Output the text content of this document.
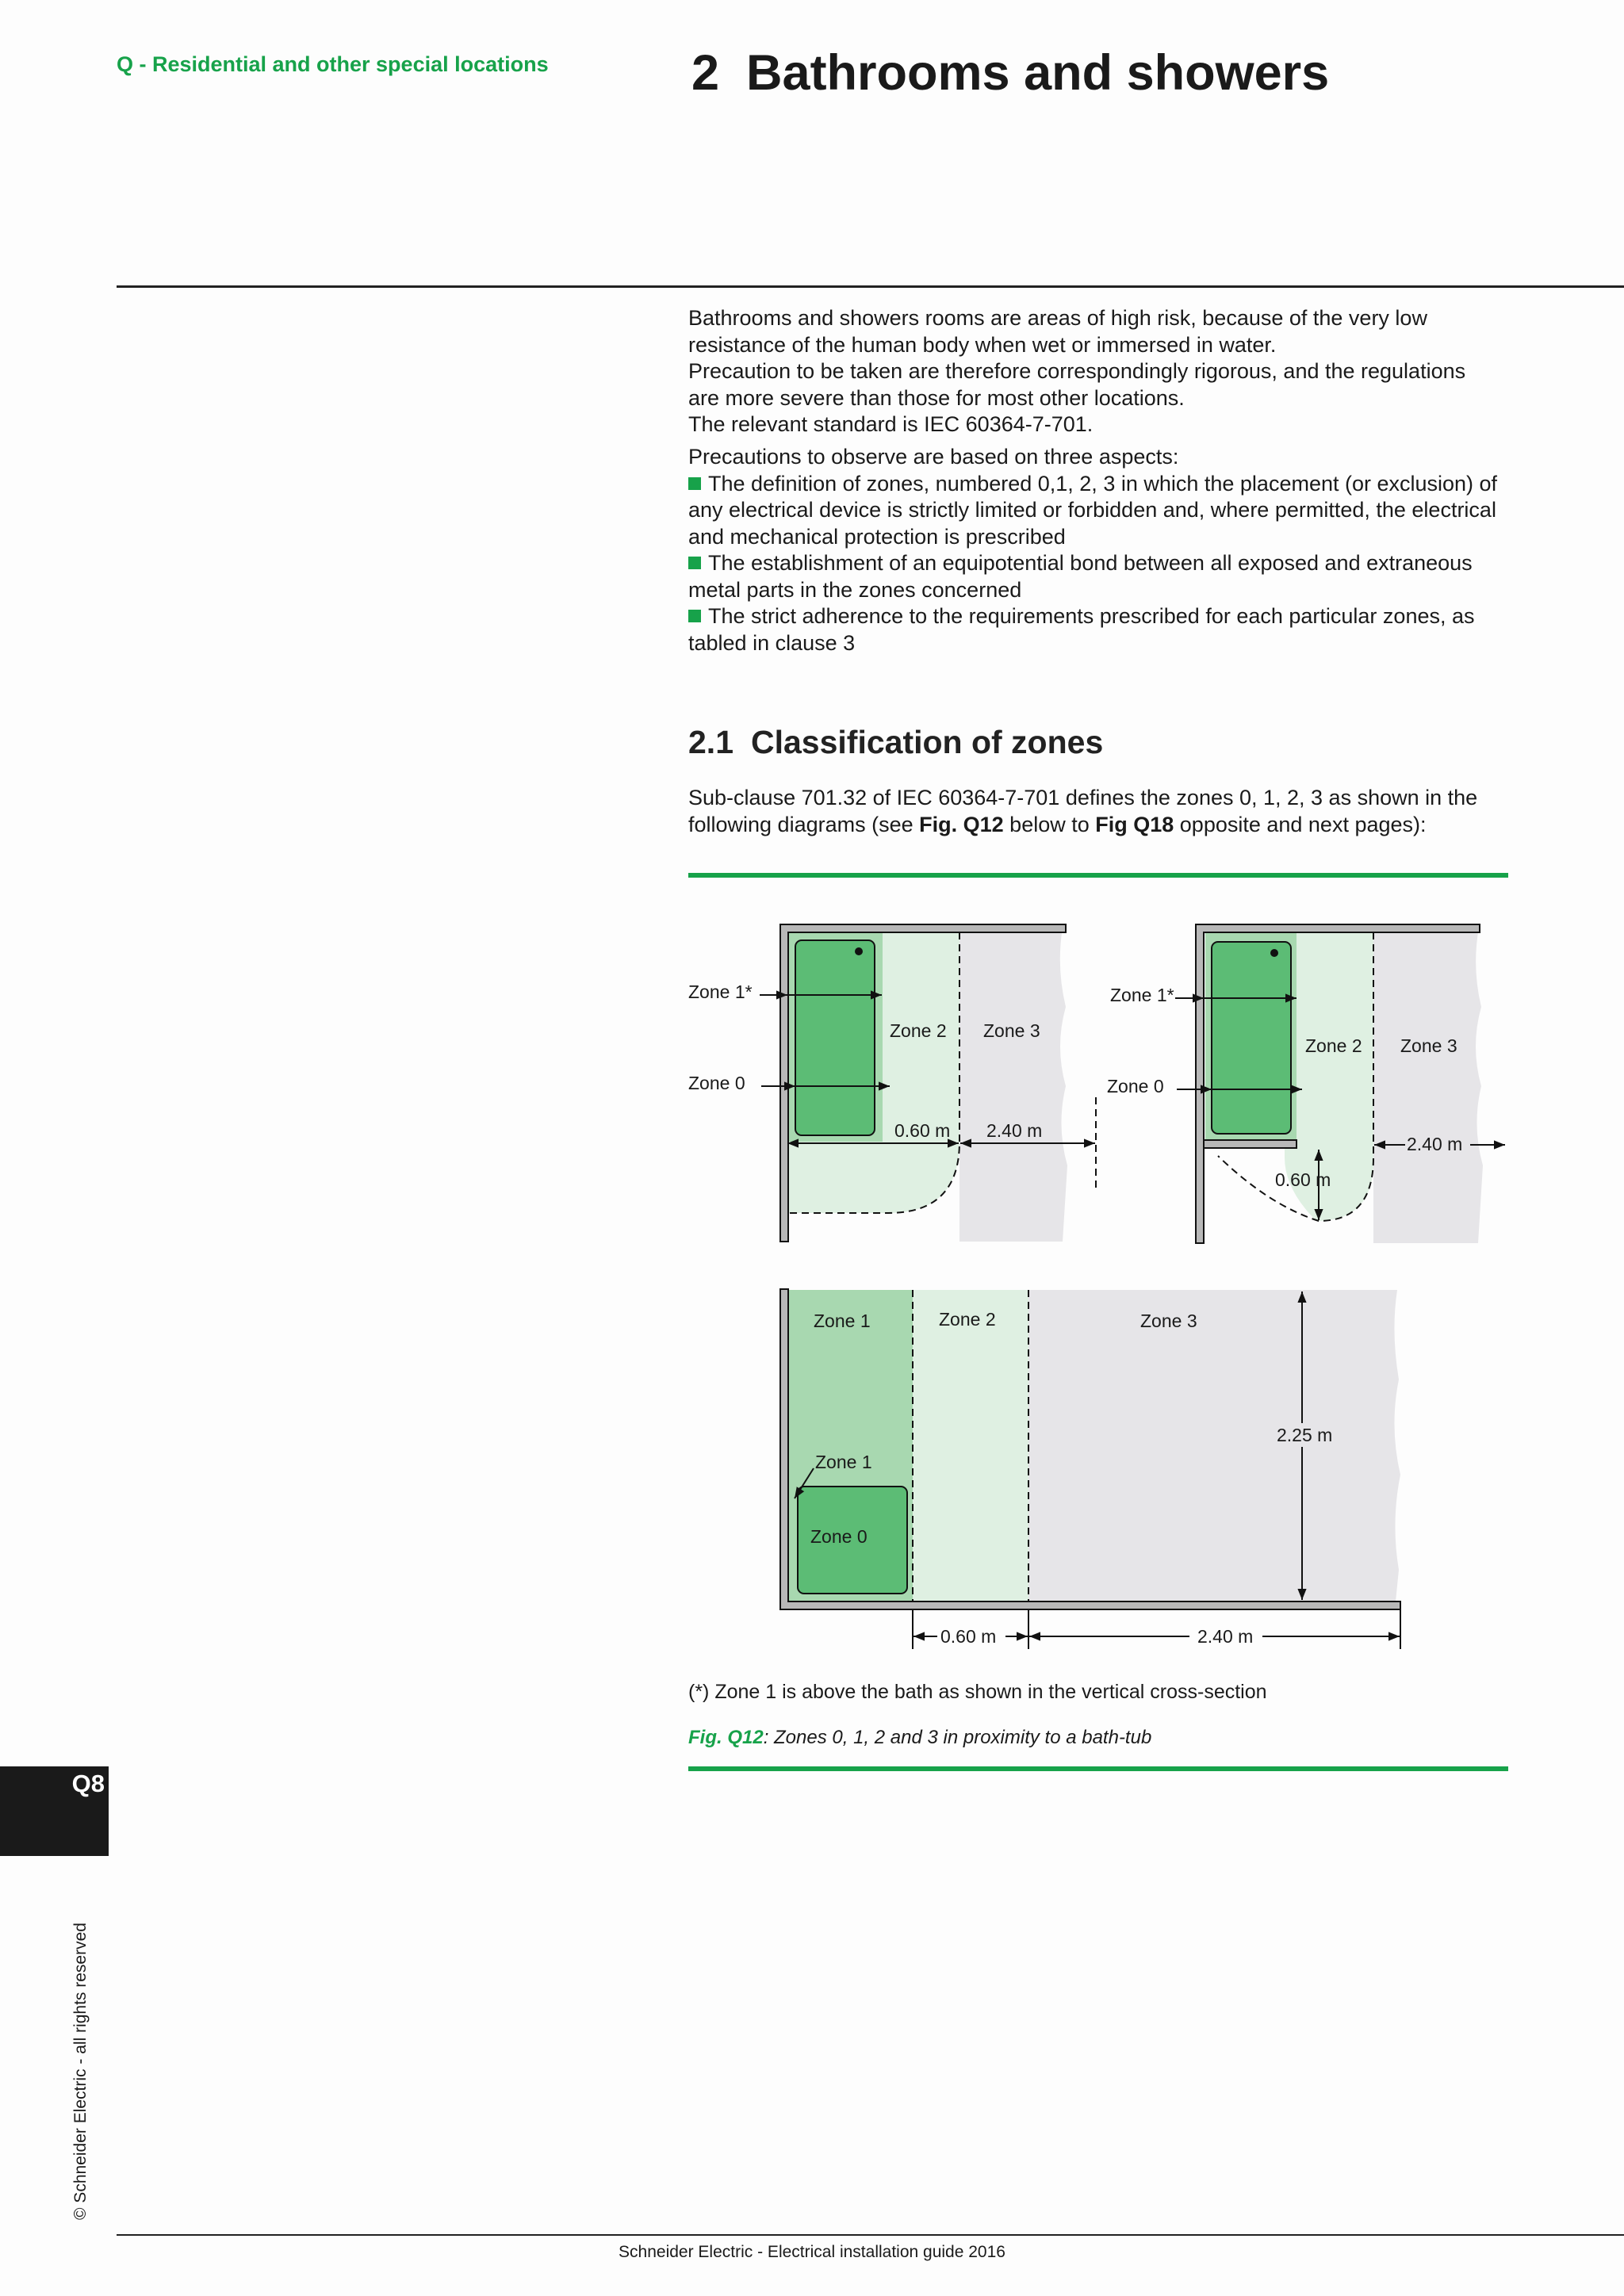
Q - Residential and other special locations	2 Bathrooms and showers

Bathrooms and showers rooms are areas of high risk, because of the very low

resistance of the human body when wet or immersed in water.

Precaution to be taken are therefore correspondingly rigorous, and the regulations

are more severe than those for most other locations.

The relevant standard is IEC 60364-7-701.

Precautions to observe are based on three aspects:

The definition of zones, numbered 0,1, 2, 3 in which the placement (or exclusion) of any electrical device is strictly limited or forbidden and, where permitted, the electrical and mechanical protection is prescribed

The establishment of an equipotential bond between all exposed and extraneous metal parts in the zones concerned

The strict adherence to the requirements prescribed for each particular zones, as tabled in clause 3

2.1 Classification of zones

Sub-clause 701.32 of IEC 60364-7-701 defines the zones 0, 1, 2, 3 as shown in the following diagrams (see Fig. Q12 below to Fig Q18 opposite and next pages):

Zone 1*
Zone 0
Zone 2 Zone 3
0.60 m 2.40 m
Zone 1*
Zone 0
Zone 2 Zone 3
2.40 m
0.60 m
Zone 1	Zone 2	Zone 3
Zone 1
Zone 0
2.25 m
0.60 m	2.40 m
(*) Zone 1 is above the bath as shown in the vertical cross-section
Fig. Q12: Zones 0, 1, 2 and 3 in proximity to a bath-tub
Q8
© Schneider Electric - all rights reserved
Schneider Electric - Electrical installation guide 2016
